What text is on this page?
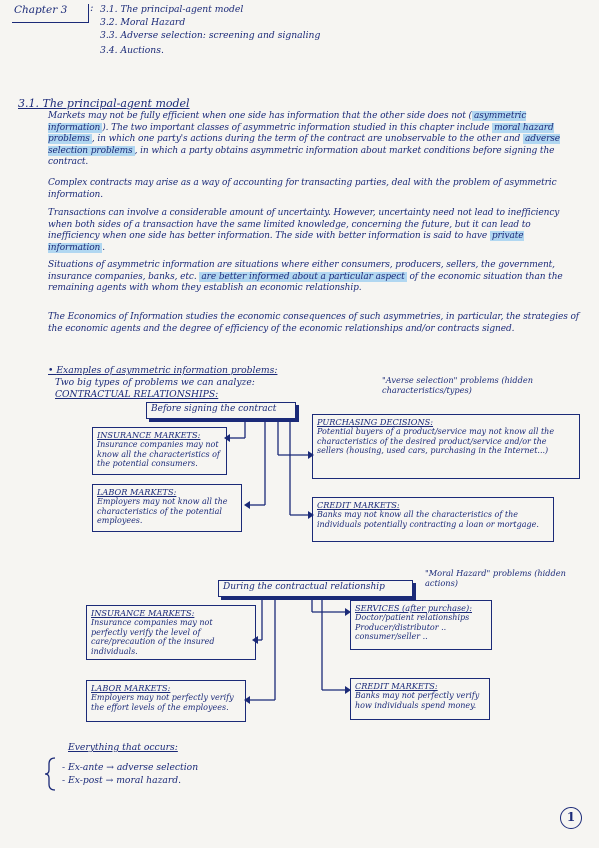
Chapter 3 : 3.1. The principal-agent model
3.2. Moral Hazard
3.3. Adverse selection: screening and signaling
3.4. Auctions.
3.1. The principal-agent model

Markets may not be fully efficient when one side has information that the other side does not ( asymmetric information ). The two important classes of asymmetric information studied in this chapter include moral hazard problems , in which one party's actions during the term of the contract are unobservable to the other and adverse selection problems , in which a party obtains asymmetric information about market conditions before signing the contract.

Complex contracts may arise as a way of accounting for transacting parties, deal with the problem of asymmetric information.

Transactions can involve a considerable amount of uncertainty. However, uncertainty need not lead to inefficiency when both sides of a transaction have the same limited knowledge, concerning the future, but it can lead to inefficiency when one side has better information. The side with better information is said to have private information .

Situations of asymmetric information are situations where either consumers, producers, sellers, the government, insurance companies, banks, etc. are better informed about a particular aspect of the economic situation than the remaining agents with whom they establish an economic relationship.

The Economics of Information studies the economic consequences of such asymmetries, in particular, the strategies of the economic agents and the degree of efficiency of the economic relationships and/or contracts signed.

• Examples of asymmetric information problems:
Two big types of problems we can analyze:
CONTRACTUAL RELATIONSHIPS:
"Averse selection" problems (hidden characteristics/types)
Before signing the contract
INSURANCE MARKETS:
Insurance companies may not know all the characteristics of the potential consumers.
LABOR MARKETS:
Employers may not know all the characteristics of the potential employees.
PURCHASING DECISIONS:
Potential buyers of a product/service may not know all the characteristics of the desired product/service and/or the sellers (housing, used cars, purchasing in the Internet...)
CREDIT MARKETS:
Banks may not know all the characteristics of the individuals potentially contracting a loan or mortgage.
"Moral Hazard" problems (hidden actions)
During the contractual relationship
INSURANCE MARKETS:
Insurance companies may not perfectly verify the level of care/precaution of the insured individuals.
LABOR MARKETS:
Employers may not perfectly verify the effort levels of the employees.
SERVICES (after purchase):
Doctor/patient relationships
Producer/distributor ..
consumer/seller ..
CREDIT MARKETS:
Banks may not perfectly verify how individuals spend money.
Everything that occurs:
- Ex-ante → adverse selection
- Ex-post → moral hazard.
1
